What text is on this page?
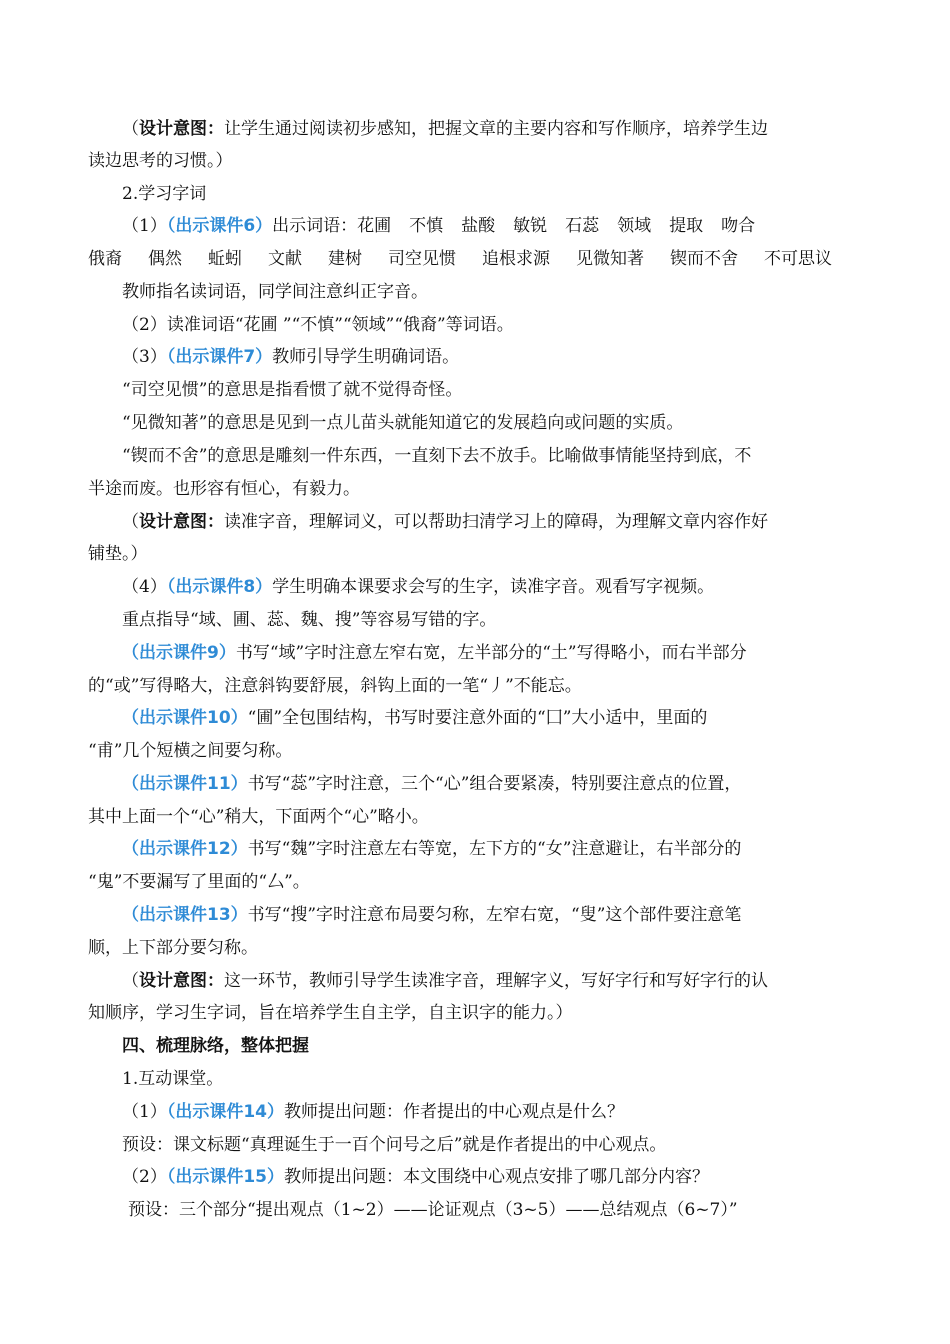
（设计意图：让学生通过阅读初步感知，把握文章的主要内容和写作顺序，培养学生边
读边思考的习惯。）
2.学习字词
（1）（出示课件6）出示词语：花圃 不慎 盐酸 敏锐 石蕊 领域 提取 吻合
俄裔 偶然 蚯蚓 文献 建树 司空见惯 追根求源 见微知著 锲而不舍 不可思议
教师指名读词语，同学间注意纠正字音。
（2）读准词语“花圃 ”“不慎”“领域”“俄裔”等词语。
（3）（出示课件7）教师引导学生明确词语。
“司空见惯”的意思是指看惯了就不觉得奇怪。
“见微知著”的意思是见到一点儿苗头就能知道它的发展趋向或问题的实质。
“锲而不舍”的意思是雕刻一件东西，一直刻下去不放手。比喻做事情能坚持到底，不
半途而废。也形容有恒心，有毅力。
（设计意图：读准字音，理解词义，可以帮助扫清学习上的障碍，为理解文章内容作好
铺垫。）
（4）（出示课件8）学生明确本课要求会写的生字，读准字音。观看写字视频。
重点指导“域、圃、蕊、魏、搜”等容易写错的字。
（出示课件9）书写“域”字时注意左窄右宽，左半部分的“土”写得略小，而右半部分
的“或”写得略大，注意斜钩要舒展，斜钩上面的一笔“丿”不能忘。
（出示课件10）“圃”全包围结构，书写时要注意外面的“囗”大小适中，里面的
“甫”几个短横之间要匀称。
（出示课件11）书写“蕊”字时注意，三个“心”组合要紧凑，特别要注意点的位置，
其中上面一个“心”稍大，下面两个“心”略小。
（出示课件12）书写“魏”字时注意左右等宽，左下方的“女”注意避让，右半部分的
“鬼”不要漏写了里面的“厶”。
（出示课件13）书写“搜”字时注意布局要匀称，左窄右宽，“叟”这个部件要注意笔
顺，上下部分要匀称。
（设计意图：这一环节，教师引导学生读准字音，理解字义，写好字行和写好字行的认
知顺序，学习生字词，旨在培养学生自主学，自主识字的能力。）
四、梳理脉络，整体把握
1.互动课堂。
（1）（出示课件14）教师提出问题：作者提出的中心观点是什么？
预设：课文标题“真理诞生于一百个问号之后”就是作者提出的中心观点。
（2）（出示课件15）教师提出问题：本文围绕中心观点安排了哪几部分内容？
预设：三个部分“提出观点（1~2）——论证观点（3~5）——总结观点（6~7）”
